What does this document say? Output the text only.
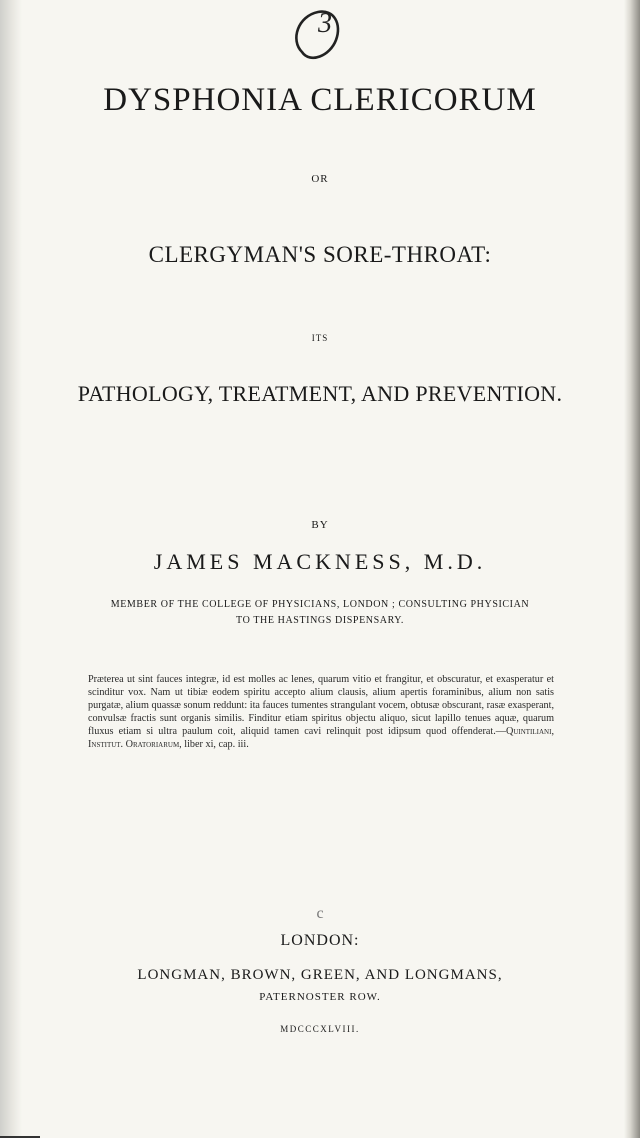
3
DYSPHONIA CLERICORUM
OR
CLERGYMAN'S SORE-THROAT:
ITS
PATHOLOGY, TREATMENT, AND PREVENTION.
BY
JAMES MACKNESS, M.D.
MEMBER OF THE COLLEGE OF PHYSICIANS, LONDON ; CONSULTING PHYSICIAN
TO THE HASTINGS DISPENSARY.
Præterea ut sint fauces integræ, id est molles ac lenes, quarum vitio et frangitur, et obscuratur, et exasperatur et scinditur vox. Nam ut tibiæ eodem spiritu accepto alium clausis, alium apertis foraminibus, alium non satis purgatæ, alium quassæ sonum reddunt: ita fauces tumentes strangulant vocem, obtusæ obscurant, rasæ exasperant, convulsæ fractis sunt organis similis. Finditur etiam spiritus objectu aliquo, sicut lapillo tenues aquæ, quarum fluxus etiam si ultra paulum coit, aliquid tamen cavi relinquit post idipsum quod offenderat.—Quintiliani, Institut. Oratoriarum, liber xi, cap. iii.
c
LONDON:
LONGMAN, BROWN, GREEN, AND LONGMANS,
PATERNOSTER ROW.
MDCCCXLVIII.
